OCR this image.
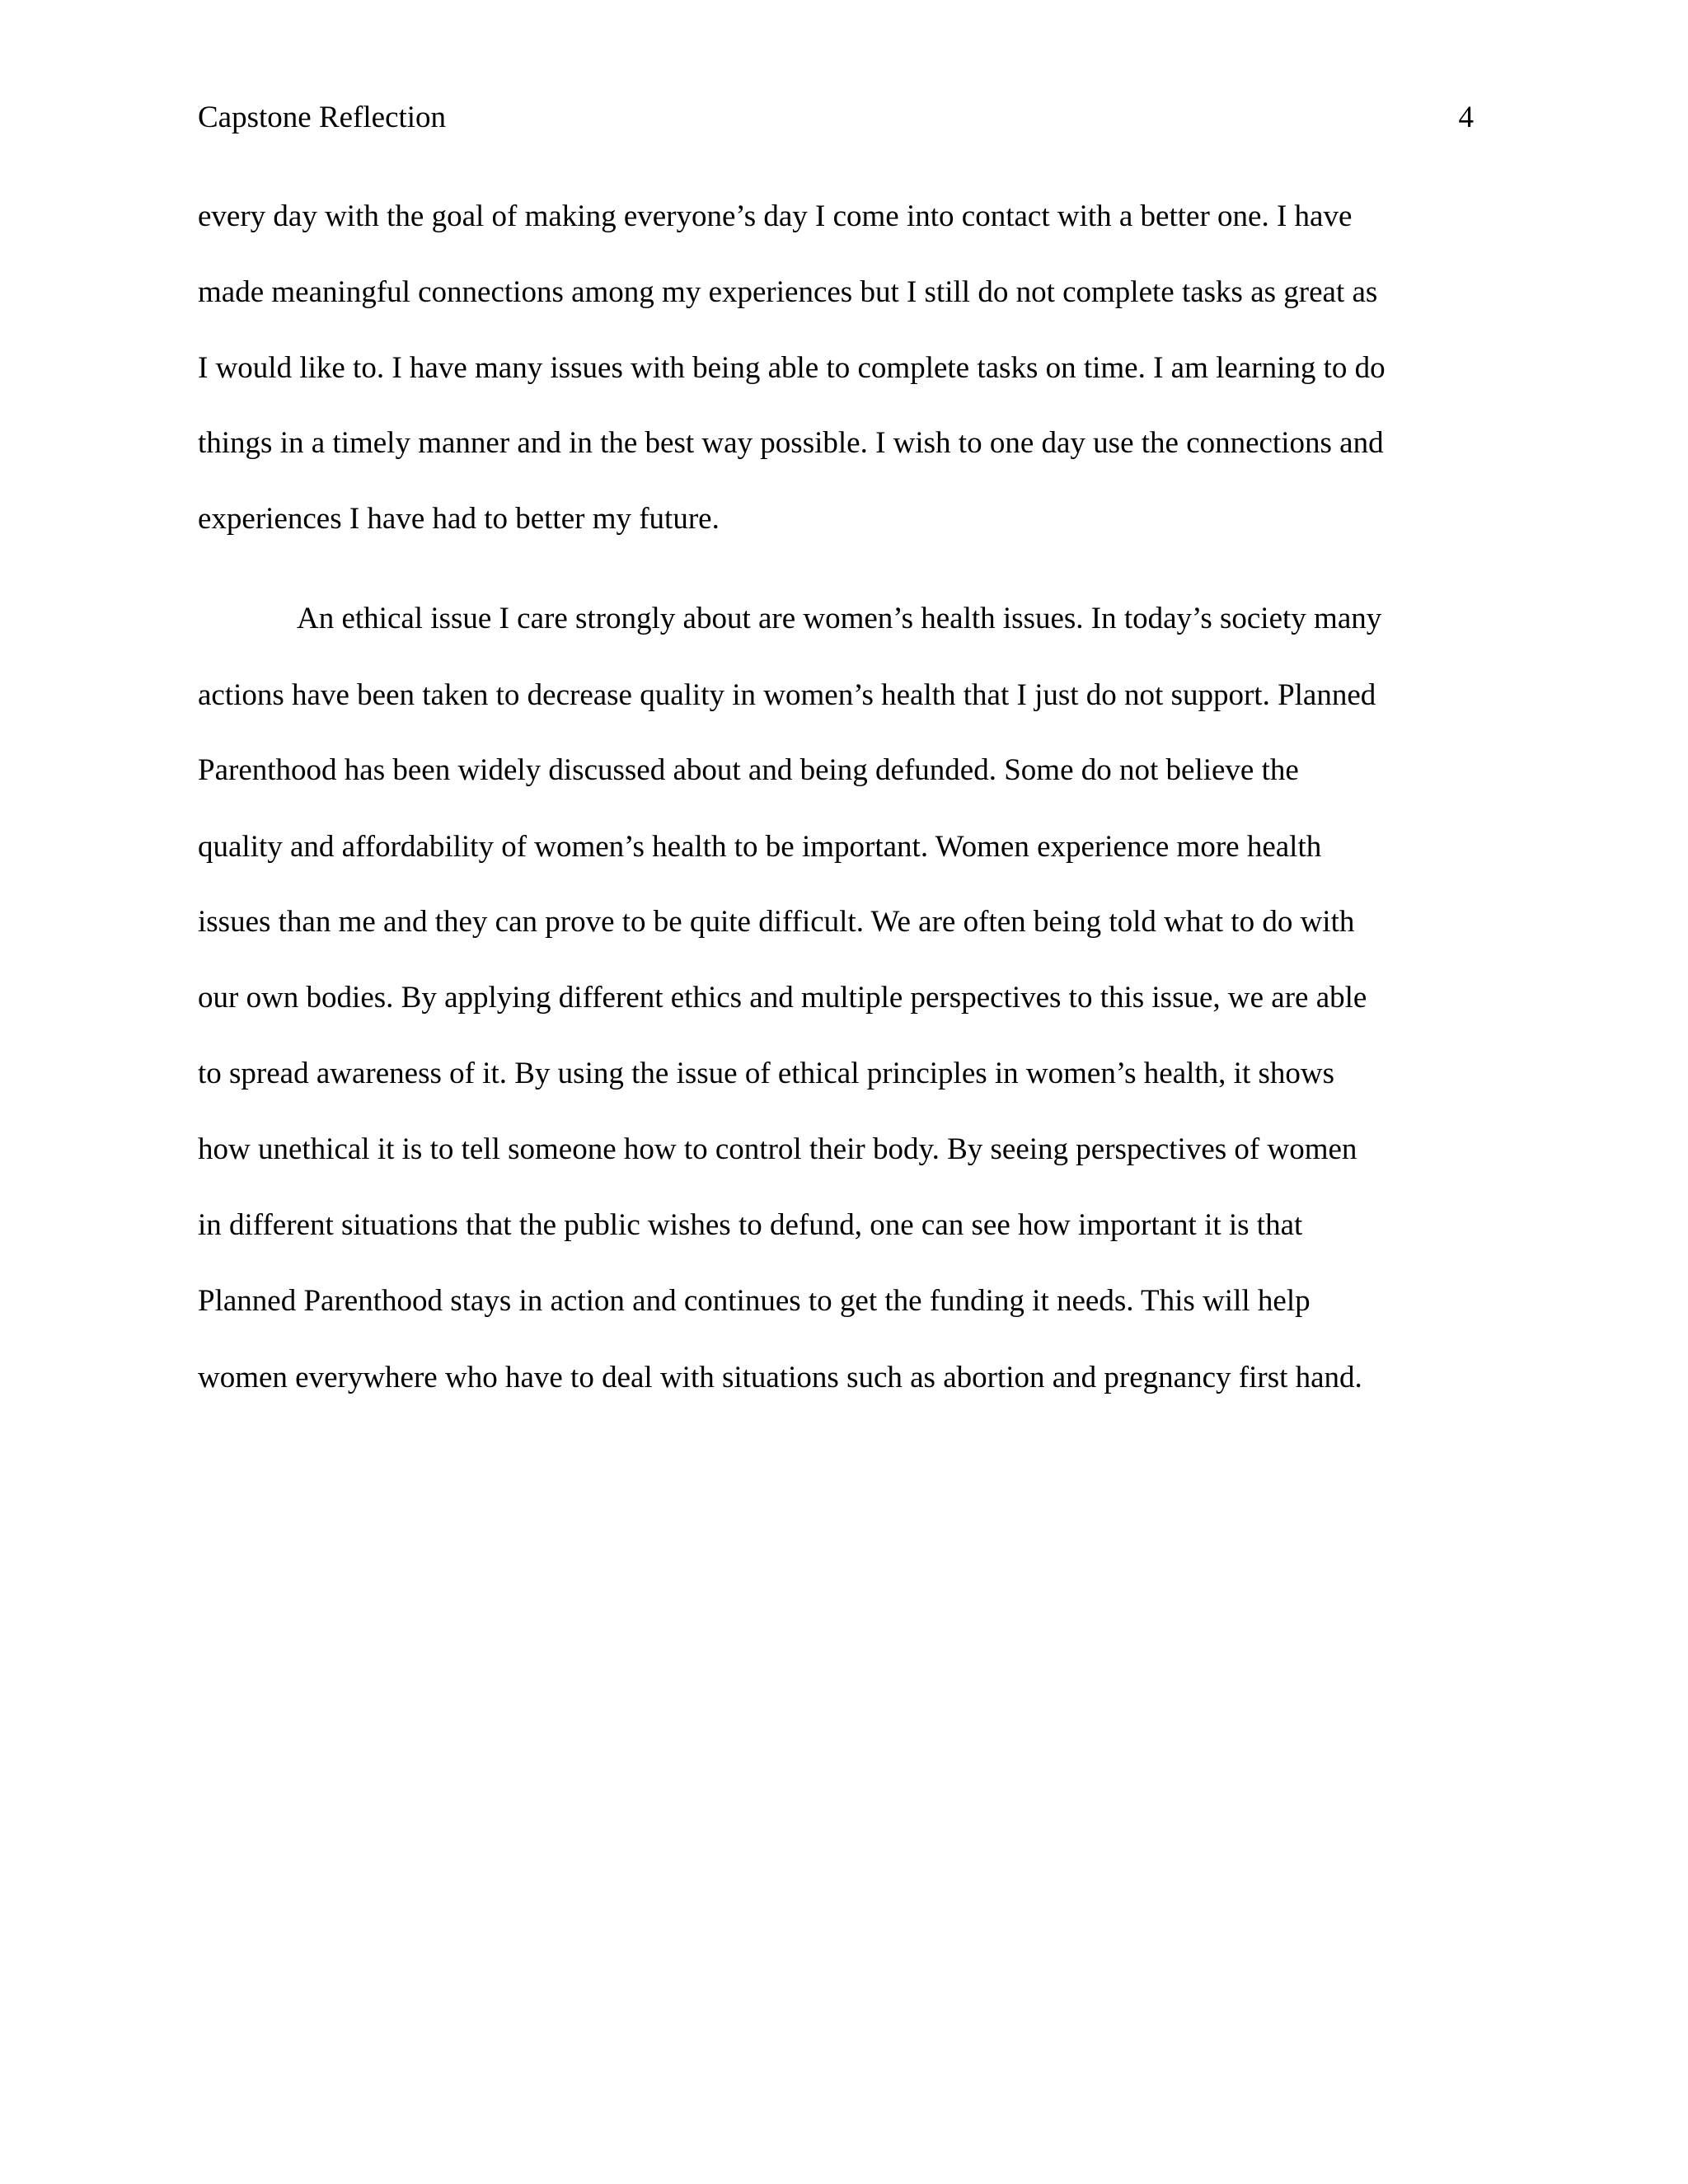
Capstone Reflection	4
every day with the goal of making everyone’s day I come into contact with a better one. I have
made meaningful connections among my experiences but I still do not complete tasks as great as
I would like to. I have many issues with being able to complete tasks on time. I am learning to do
things in a timely manner and in the best way possible. I wish to one day use the connections and
experiences I have had to better my future.
An ethical issue I care strongly about are women’s health issues. In today’s society many
actions have been taken to decrease quality in women’s health that I just do not support. Planned
Parenthood has been widely discussed about and being defunded. Some do not believe the
quality and affordability of women’s health to be important. Women experience more health
issues than me and they can prove to be quite difficult. We are often being told what to do with
our own bodies. By applying different ethics and multiple perspectives to this issue, we are able
to spread awareness of it. By using the issue of ethical principles in women’s health, it shows
how unethical it is to tell someone how to control their body. By seeing perspectives of women
in different situations that the public wishes to defund, one can see how important it is that
Planned Parenthood stays in action and continues to get the funding it needs. This will help
women everywhere who have to deal with situations such as abortion and pregnancy first hand.
